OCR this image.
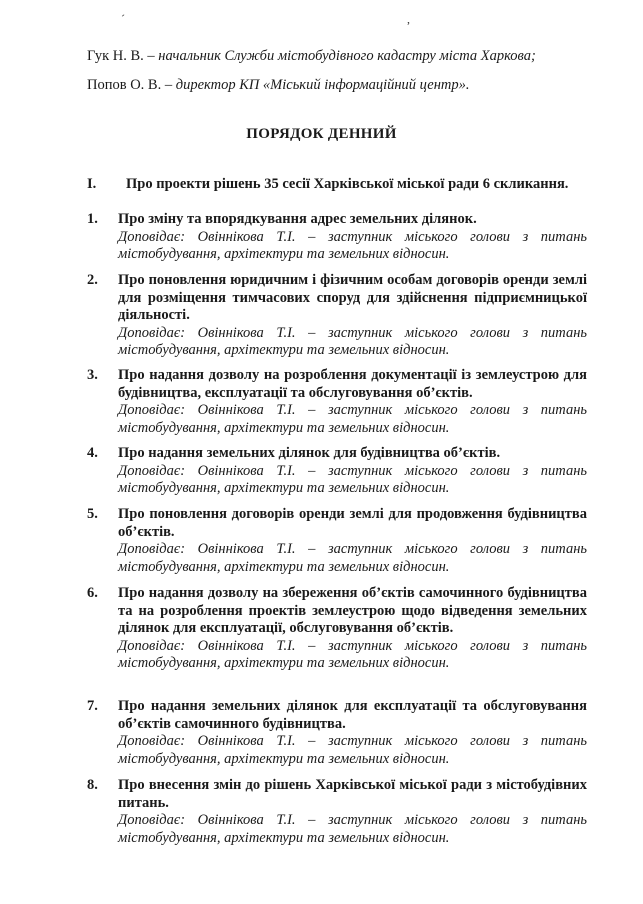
´	,
Гук Н. В. – начальник Служби містобудівного кадастру міста Харкова;
Попов О. В. – директор КП «Міський інформаційний центр».
ПОРЯДОК ДЕННИЙ
I. Про проекти рішень 35 сесії Харківської міської ради 6 скликання.
1. Про зміну та впорядкування адрес земельних ділянок.
Доповідає: Овіннікова Т.І. – заступник міського голови з питань
містобудування, архітектури та земельних відносин.
2. Про поновлення юридичним і фізичним особам договорів оренди землі для розміщення тимчасових споруд для здійснення підприємницької діяльності.
Доповідає: Овіннікова Т.І. – заступник міського голови з питань
містобудування, архітектури та земельних відносин.
3. Про надання дозволу на розроблення документації із землеустрою для будівництва, експлуатації та обслуговування об’єктів.
Доповідає: Овіннікова Т.І. – заступник міського голови з питань
містобудування, архітектури та земельних відносин.
4. Про надання земельних ділянок для будівництва об’єктів.
Доповідає: Овіннікова Т.І. – заступник міського голови з питань
містобудування, архітектури та земельних відносин.
5. Про поновлення договорів оренди землі для продовження будівництва об’єктів.
Доповідає: Овіннікова Т.І. – заступник міського голови з питань
містобудування, архітектури та земельних відносин.
6. Про надання дозволу на збереження об’єктів самочинного будівництва та на розроблення проектів землеустрою щодо відведення земельних ділянок для експлуатації, обслуговування об’єктів.
Доповідає: Овіннікова Т.І. – заступник міського голови з питань
містобудування, архітектури та земельних відносин.
7. Про надання земельних ділянок для експлуатації та обслуговування об’єктів самочинного будівництва.
Доповідає: Овіннікова Т.І. – заступник міського голови з питань
містобудування, архітектури та земельних відносин.
8. Про внесення змін до рішень Харківської міської ради з містобудівних питань.
Доповідає: Овіннікова Т.І. – заступник міського голови з питань
містобудування, архітектури та земельних відносин.
